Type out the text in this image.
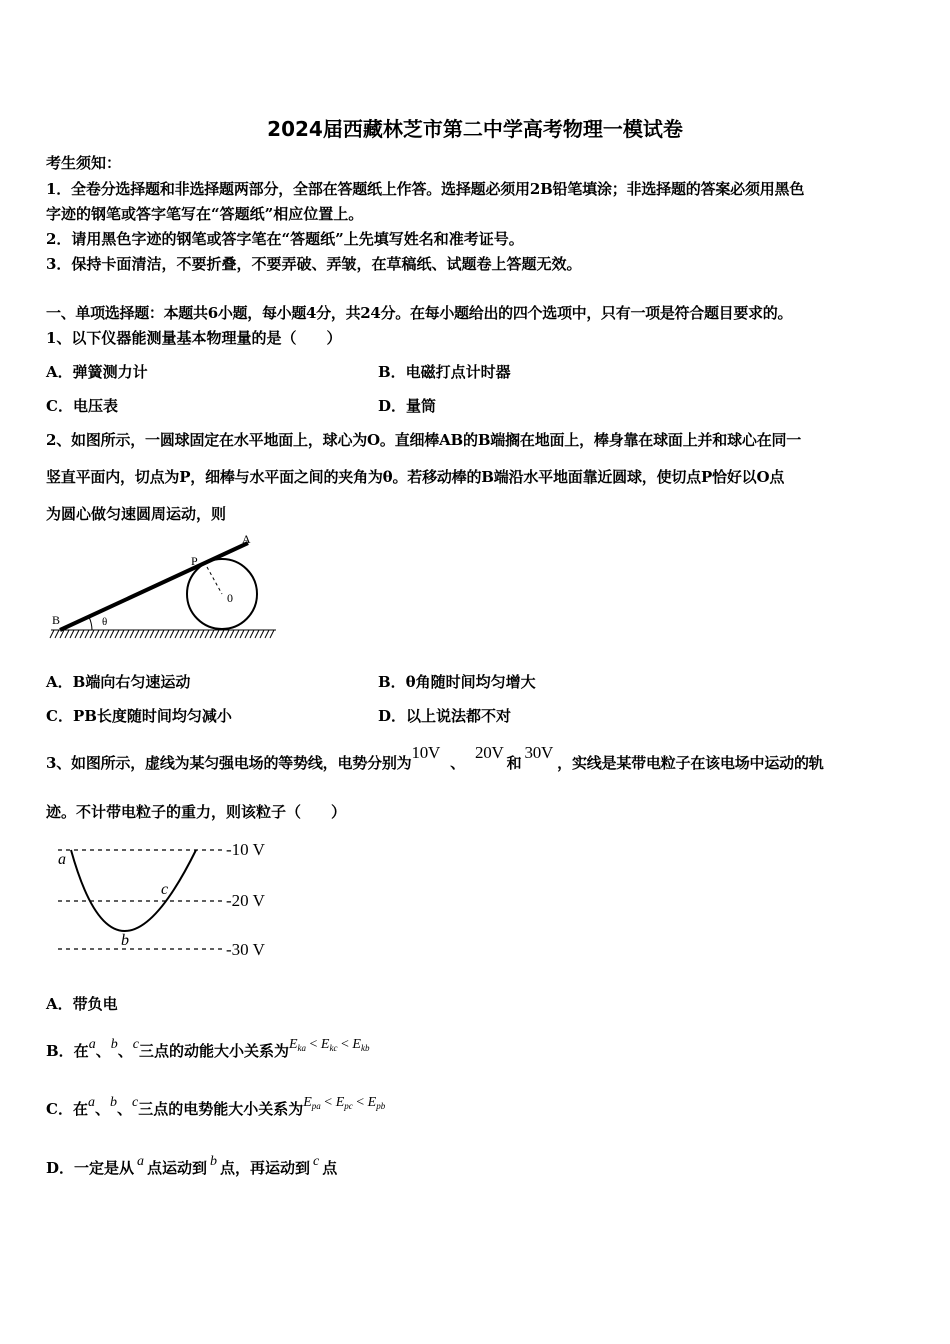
2024届西藏林芝市第二中学高考物理一模试卷
考生须知：
1．全卷分选择题和非选择题两部分，全部在答题纸上作答。选择题必须用2B铅笔填涂；非选择题的答案必须用黑色
字迹的钢笔或答字笔写在“答题纸”相应位置上。
2．请用黑色字迹的钢笔或答字笔在“答题纸”上先填写姓名和准考证号。
3．保持卡面清洁，不要折叠，不要弄破、弄皱，在草稿纸、试题卷上答题无效。
一、单项选择题：本题共6小题，每小题4分，共24分。在每小题给出的四个选项中，只有一项是符合题目要求的。
1、以下仪器能测量基本物理量的是（　　）
A．弹簧测力计	B．电磁打点计时器
C．电压表	D．量筒
2、如图所示，一圆球固定在水平地面上，球心为O。直细棒AB的B端搁在地面上，棒身靠在球面上并和球心在同一
竖直平面内，切点为P，细棒与水平面之间的夹角为θ。若移动棒的B端沿水平地面靠近圆球，使切点P恰好以O点
为圆心做匀速圆周运动，则
A
P
0
B	θ
A．B端向右匀速运动	B．θ角随时间均匀增大
C．PB长度随时间均匀减小	D．以上说法都不对
3、如图所示，虚线为某匀强电场的等势线，电势分别为10V、20V和30V，实线是某带电粒子在该电场中运动的轨
迹。不计带电粒子的重力，则该粒子（　　）
-10 V
-20 V
-30 V
a
b
c
A．带负电
B．在a、b、c三点的动能大小关系为$E_{ka} < E_{kc} < E_{kb}$
C．在a、b、c三点的电势能大小关系为$E_{pa} < E_{pc} < E_{pb}$
D．一定是从 a 点运动到 b 点，再运动到 c 点
